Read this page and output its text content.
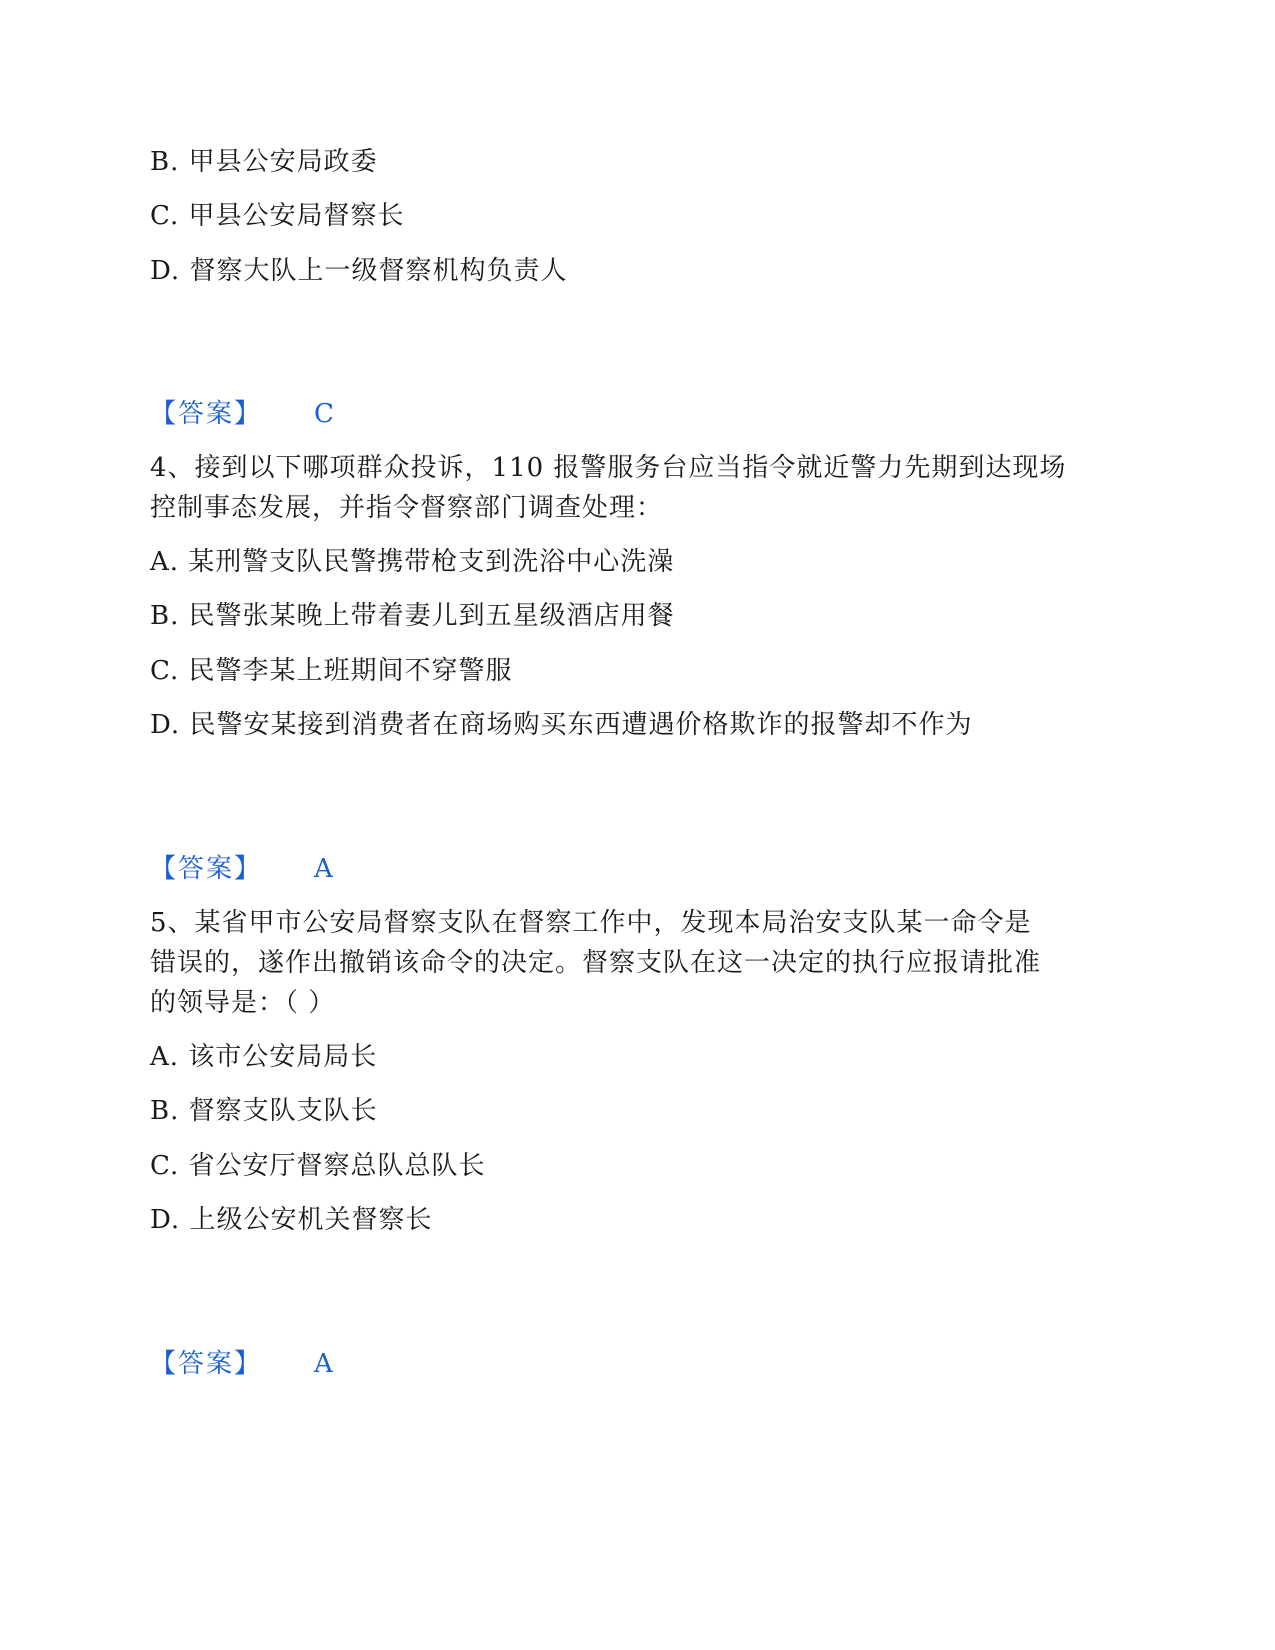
B. 甲县公安局政委
C. 甲县公安局督察长
D. 督察大队上一级督察机构负责人
【答案】 C
4、接到以下哪项群众投诉，110 报警服务台应当指令就近警力先期到达现场
控制事态发展，并指令督察部门调查处理：
A. 某刑警支队民警携带枪支到洗浴中心洗澡
B. 民警张某晚上带着妻儿到五星级酒店用餐
C. 民警李某上班期间不穿警服
D. 民警安某接到消费者在商场购买东西遭遇价格欺诈的报警却不作为
【答案】 A
5、某省甲市公安局督察支队在督察工作中，发现本局治安支队某一命令是
错误的，遂作出撤销该命令的决定。督察支队在这一决定的执行应报请批准
的领导是：（ ）
A. 该市公安局局长
B. 督察支队支队长
C. 省公安厅督察总队总队长
D. 上级公安机关督察长
【答案】 A
